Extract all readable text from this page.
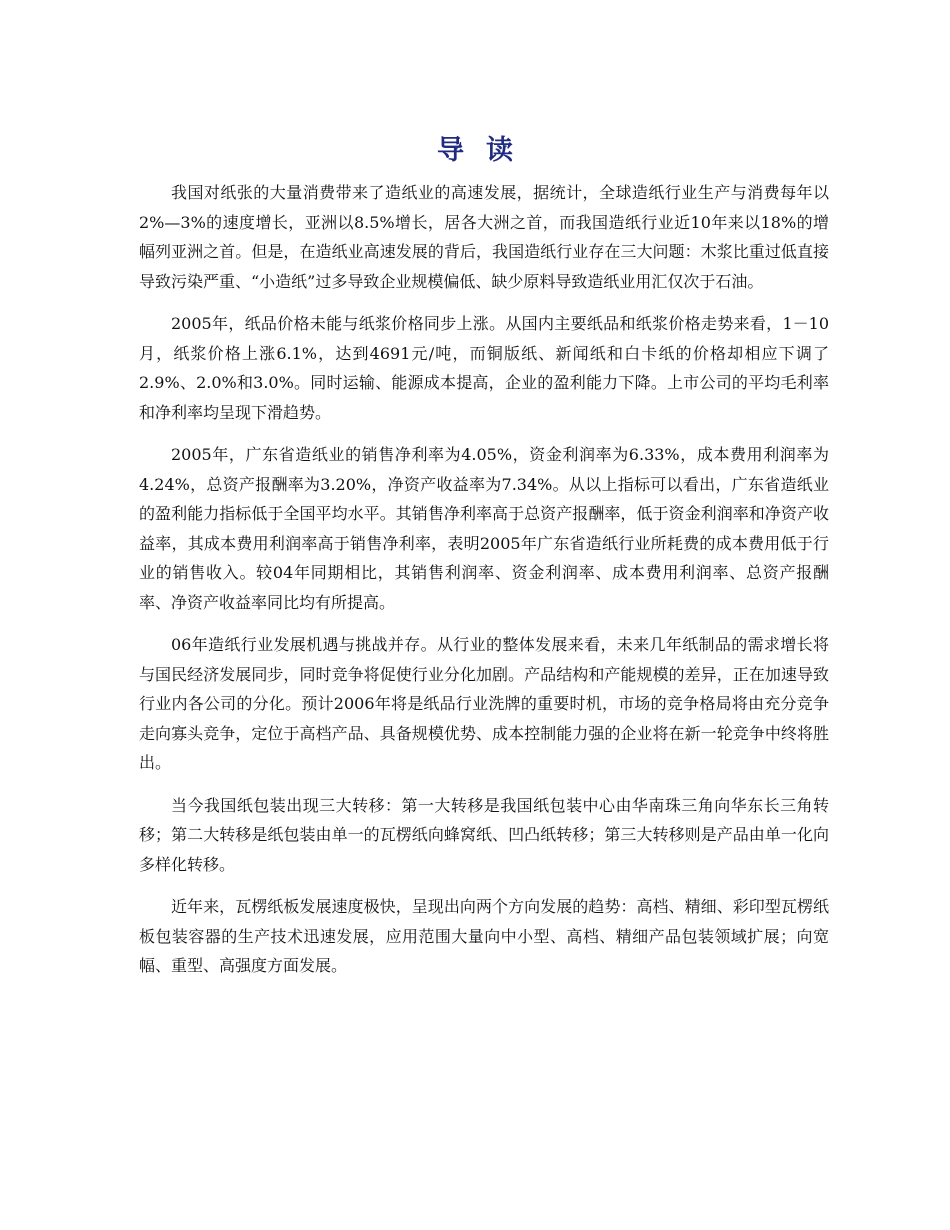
导读

我国对纸张的大量消费带来了造纸业的高速发展，据统计，全球造纸行业生产与消费每年以2%—3%的速度增长，亚洲以8.5%增长，居各大洲之首，而我国造纸行业近10年来以18%的增幅列亚洲之首。但是，在造纸业高速发展的背后，我国造纸行业存在三大问题：木浆比重过低直接导致污染严重、“小造纸”过多导致企业规模偏低、缺少原料导致造纸业用汇仅次于石油。

2005年，纸品价格未能与纸浆价格同步上涨。从国内主要纸品和纸浆价格走势来看，1－10月，纸浆价格上涨6.1%，达到4691元/吨，而铜版纸、新闻纸和白卡纸的价格却相应下调了2.9%、2.0%和3.0%。同时运输、能源成本提高，企业的盈利能力下降。上市公司的平均毛利率和净利率均呈现下滑趋势。

2005年，广东省造纸业的销售净利率为4.05%，资金利润率为6.33%，成本费用利润率为4.24%，总资产报酬率为3.20%，净资产收益率为7.34%。从以上指标可以看出，广东省造纸业的盈利能力指标低于全国平均水平。其销售净利率高于总资产报酬率，低于资金利润率和净资产收益率，其成本费用利润率高于销售净利率，表明2005年广东省造纸行业所耗费的成本费用低于行业的销售收入。较04年同期相比，其销售利润率、资金利润率、成本费用利润率、总资产报酬率、净资产收益率同比均有所提高。

06年造纸行业发展机遇与挑战并存。从行业的整体发展来看，未来几年纸制品的需求增长将与国民经济发展同步，同时竞争将促使行业分化加剧。产品结构和产能规模的差异，正在加速导致行业内各公司的分化。预计2006年将是纸品行业洗牌的重要时机，市场的竞争格局将由充分竞争走向寡头竞争，定位于高档产品、具备规模优势、成本控制能力强的企业将在新一轮竞争中终将胜出。

当今我国纸包装出现三大转移：第一大转移是我国纸包装中心由华南珠三角向华东长三角转移；第二大转移是纸包装由单一的瓦楞纸向蜂窝纸、凹凸纸转移；第三大转移则是产品由单一化向多样化转移。

近年来，瓦楞纸板发展速度极快，呈现出向两个方向发展的趋势：高档、精细、彩印型瓦楞纸板包装容器的生产技术迅速发展，应用范围大量向中小型、高档、精细产品包装领域扩展；向宽幅、重型、高强度方面发展。
